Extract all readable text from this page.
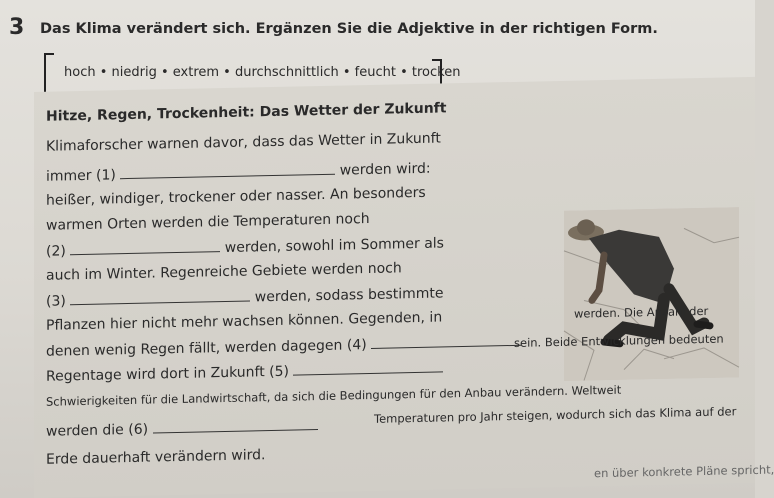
3 Das Klima verändert sich. Ergänzen Sie die Adjektive in der richtigen Form.
hoch • niedrig • extrem • durchschnittlich • feucht • trocken
Hitze, Regen, Trockenheit: Das Wetter der Zukunft
Klimaforscher warnen davor, dass das Wetter in Zukunft
immer (1)	werden wird:
heißer, windiger, trockener oder nasser. An besonders
warmen Orten werden die Temperaturen noch
(2)	werden, sowohl im Sommer als
auch im Winter. Regenreiche Gebiete werden noch
(3)	werden, sodass bestimmte
Pflanzen hier nicht mehr wachsen können. Gegenden, in	werden. Die Anzahl der
denen wenig Regen fällt, werden dagegen (4)	sein. Beide Entwicklungen bedeuten
Regentage wird dort in Zukunft (5)
Schwierigkeiten für die Landwirtschaft, da sich die Bedingungen für den Anbau verändern. Weltweit
Temperaturen pro Jahr steigen, wodurch sich das Klima auf der
werden die (6)
Erde dauerhaft verändern wird.
en über konkrete Pläne spricht,
